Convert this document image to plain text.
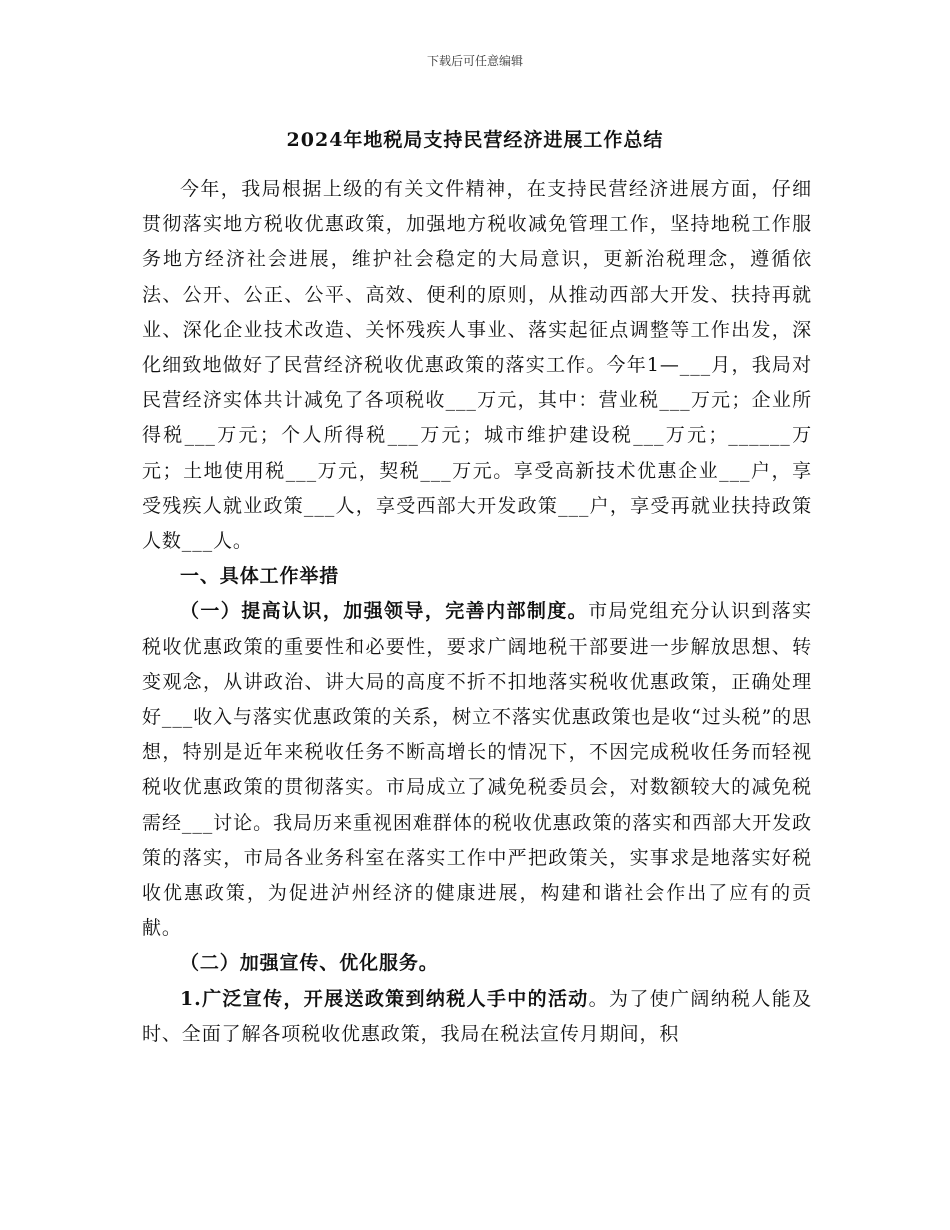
下载后可任意编辑
2024年地税局支持民营经济进展工作总结

今年，我局根据上级的有关文件精神，在支持民营经济进展方面，仔细贯彻落实地方税收优惠政策，加强地方税收减免管理工作，坚持地税工作服务地方经济社会进展，维护社会稳定的大局意识，更新治税理念，遵循依法、公开、公正、公平、高效、便利的原则，从推动西部大开发、扶持再就业、深化企业技术改造、关怀残疾人事业、落实起征点调整等工作出发，深化细致地做好了民营经济税收优惠政策的落实工作。今年1—___月，我局对民营经济实体共计减免了各项税收___万元，其中：营业税___万元；企业所得税___万元；个人所得税___万元；城市维护建设税___万元；______万元；土地使用税___万元，契税___万元。享受高新技术优惠企业___户，享受残疾人就业政策___人，享受西部大开发政策___户，享受再就业扶持政策人数___人。

一、具体工作举措

（一）提高认识，加强领导，完善内部制度。市局党组充分认识到落实税收优惠政策的重要性和必要性，要求广阔地税干部要进一步解放思想、转变观念，从讲政治、讲大局的高度不折不扣地落实税收优惠政策，正确处理好___收入与落实优惠政策的关系，树立不落实优惠政策也是收“过头税”的思想，特别是近年来税收任务不断高增长的情况下，不因完成税收任务而轻视税收优惠政策的贯彻落实。市局成立了减免税委员会，对数额较大的减免税需经___讨论。我局历来重视困难群体的税收优惠政策的落实和西部大开发政策的落实，市局各业务科室在落实工作中严把政策关，实事求是地落实好税收优惠政策，为促进泸州经济的健康进展，构建和谐社会作出了应有的贡献。

（二）加强宣传、优化服务。

1.广泛宣传，开展送政策到纳税人手中的活动。为了使广阔纳税人能及时、全面了解各项税收优惠政策，我局在税法宣传月期间，积
